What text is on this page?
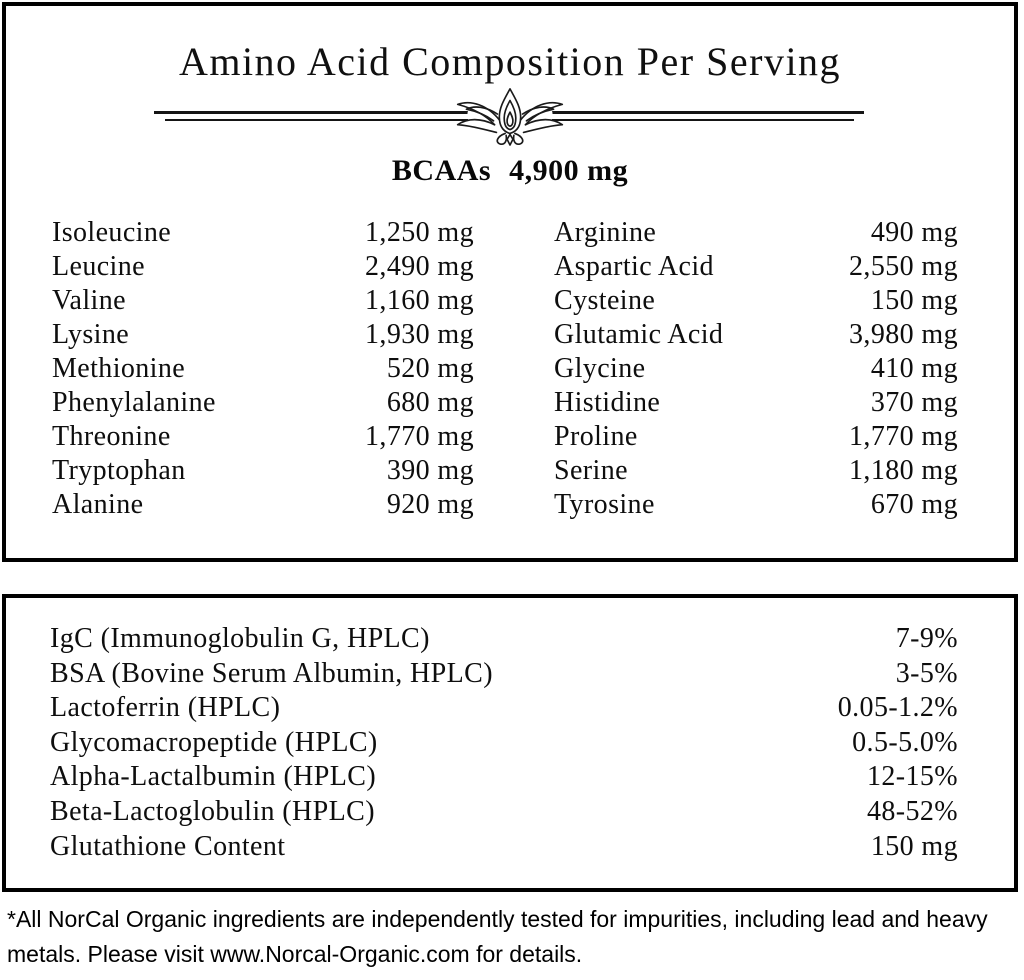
Amino Acid Composition Per Serving
BCAAs 4,900 mg
Isoleucine	1,250 mg
Leucine	2,490 mg
Valine	1,160 mg
Lysine	1,930 mg
Methionine	520 mg
Phenylalanine	680 mg
Threonine	1,770 mg
Tryptophan	390 mg
Alanine	920 mg
Arginine	490 mg
Aspartic Acid	2,550 mg
Cysteine	150 mg
Glutamic Acid	3,980 mg
Glycine	410 mg
Histidine	370 mg
Proline	1,770 mg
Serine	1,180 mg
Tyrosine	670 mg
IgC (Immunoglobulin G, HPLC)	7-9%
BSA (Bovine Serum Albumin, HPLC)	3-5%
Lactoferrin (HPLC)	0.05-1.2%
Glycomacropeptide (HPLC)	0.5-5.0%
Alpha-Lactalbumin (HPLC)	12-15%
Beta-Lactoglobulin (HPLC)	48-52%
Glutathione Content	150 mg
*All NorCal Organic ingredients are independently tested for impurities, including lead and heavy
metals. Please visit www.Norcal-Organic.com for details.
